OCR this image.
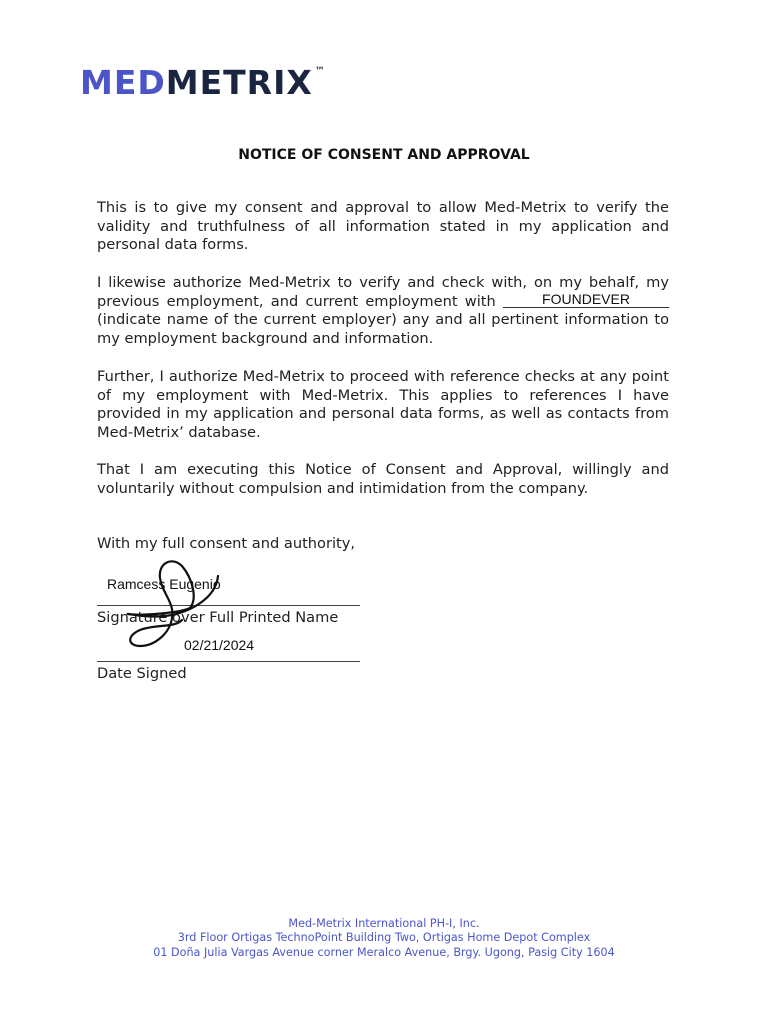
MED METRIX ™
NOTICE OF CONSENT AND APPROVAL
This is to give my consent and approval to allow Med-Metrix to verify the validity and truthfulness of all information stated in my application and personal data forms.
I likewise authorize Med-Metrix to verify and check with, on my behalf, my previous employment, and current employment with	FOUNDEVER (indicate name of the current employer) any and all pertinent information to my employment background and information.
Further, I authorize Med-Metrix to proceed with reference checks at any point of my employment with Med-Metrix. This applies to references I have provided in my application and personal data forms, as well as contacts from Med-Metrix’ database.
That I am executing this Notice of Consent and Approval, willingly and voluntarily without compulsion and intimidation from the company.
With my full consent and authority,
Ramcess Eugenio
Signature over Full Printed Name
02/21/2024
Date Signed
Med-Metrix International PH-I, Inc.
3rd Floor Ortigas TechnoPoint Building Two, Ortigas Home Depot Complex
01 Doña Julia Vargas Avenue corner Meralco Avenue, Brgy. Ugong, Pasig City 1604
